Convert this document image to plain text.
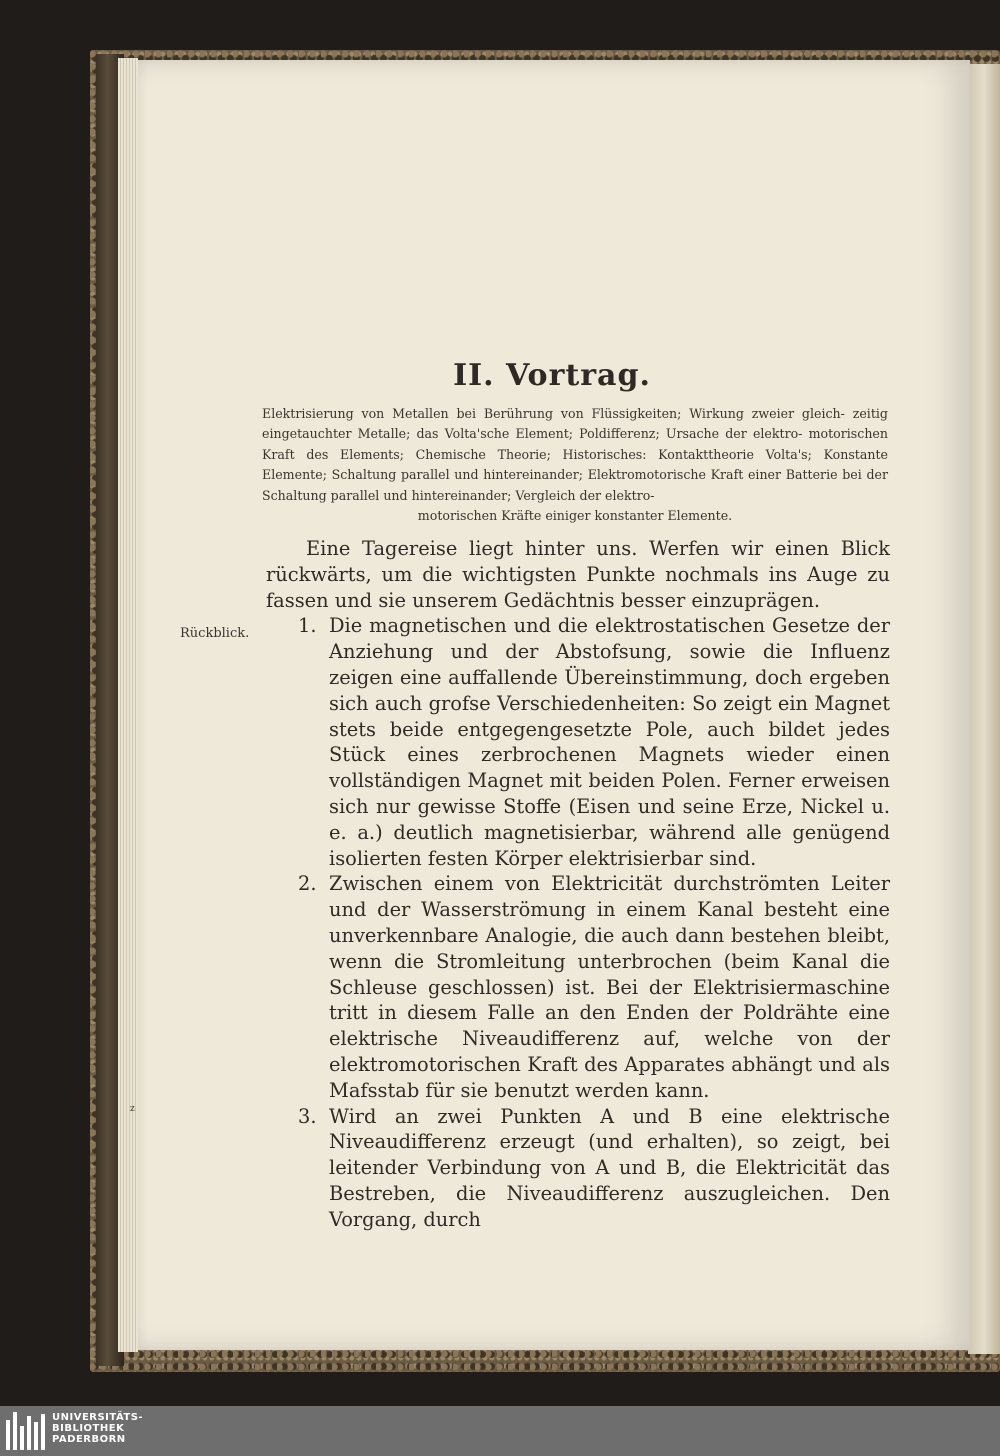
II. Vortrag.
Elektrisierung von Metallen bei Berührung von Flüssigkeiten; Wirkung zweier gleich- zeitig eingetauchter Metalle; das Volta'sche Element; Poldifferenz; Ursache der elektro- motorischen Kraft des Elements; Chemische Theorie; Historisches: Kontakttheorie Volta's; Konstante Elemente; Schaltung parallel und hintereinander; Elektromotorische Kraft einer Batterie bei der Schaltung parallel und hintereinander; Vergleich der elektro-
motorischen Kräfte einiger konstanter Elemente.
Rückblick.
z

Eine Tagereise liegt hinter uns. Werfen wir einen Blick rückwärts, um die wichtigsten Punkte nochmals ins Auge zu fassen und sie unserem Gedächtnis besser einzuprägen.

1. Die magnetischen und die elektrostatischen Gesetze der Anziehung und der Abstofsung, sowie die Influenz zeigen eine auffallende Übereinstimmung, doch ergeben sich auch grofse Verschiedenheiten: So zeigt ein Magnet stets beide entgegengesetzte Pole, auch bildet jedes Stück eines zerbrochenen Magnets wieder einen vollständigen Magnet mit beiden Polen. Ferner erweisen sich nur gewisse Stoffe (Eisen und seine Erze, Nickel u. e. a.) deutlich magnetisierbar, während alle genügend isolierten festen Körper elektrisierbar sind.
2. Zwischen einem von Elektricität durchströmten Leiter und der Wasserströmung in einem Kanal besteht eine unverkennbare Analogie, die auch dann bestehen bleibt, wenn die Stromleitung unterbrochen (beim Kanal die Schleuse geschlossen) ist. Bei der Elektrisiermaschine tritt in diesem Falle an den Enden der Poldrähte eine elektrische Niveaudifferenz auf, welche von der elektromotorischen Kraft des Apparates abhängt und als Mafsstab für sie benutzt werden kann.
3. Wird an zwei Punkten A und B eine elektrische Niveaudifferenz erzeugt (und erhalten), so zeigt, bei leitender Verbindung von A und B, die Elektricität das Bestreben, die Niveaudifferenz auszugleichen. Den Vorgang, durch
UNIVERSITÄTS-
BIBLIOTHEK
PADERBORN
